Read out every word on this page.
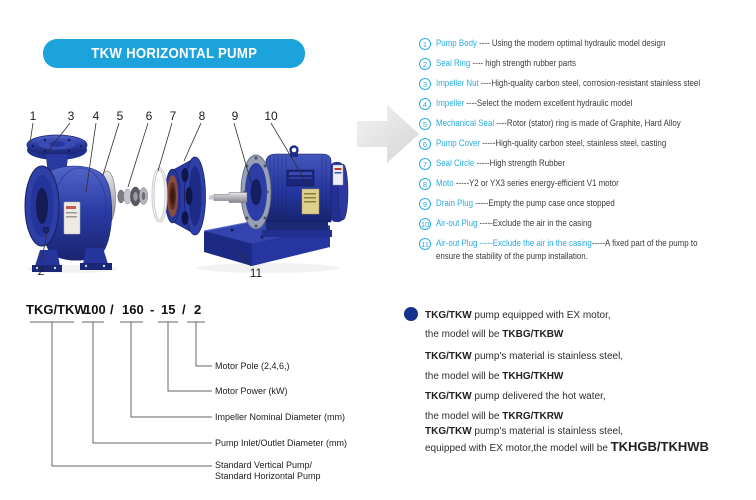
TKW HORIZONTAL PUMP
1	3 4 5 6 7 8 9 10
2	11
1 Pump Body ---- Using the modern optimal hydraulic model design
2 Seal Ring ---- high strength rubber parts
3 Impeller Nut ----High-quality carbon steel, corrosion-resistant stainless steel
4 Impeller ----Select the modern excellent hydraulic model
5 Mechanical Seal ----Rotor (stator) ring is made of Graphite, Hard Alloy
6 Pump Cover -----High-quality carbon steel, stainless steel, casting
7 Seal Circle -----High strength Rubber
8 Moto -----Y2 or YX3 series energy-efficient V1 motor
9 Drain Plug -----Empty the pump case once stopped
10 Air-out Plug -----Exclude the air in the casing
11 Air-out Plug -----Exclude the air in the casing-----A fixed part of the pump to
ensure the stability of the pump installation.
TKG/TKW
100 / 160 - 15 / 2
Motor Pole (2,4,6,)
Motor Power (kW)
Impeller Nominal Diameter (mm)
Pump Inlet/Outlet Diameter (mm)
Standard Vertical Pump/
Standard Horizontal Pump
TKG/TKW pump equipped with EX motor,
the model will be TKBG/TKBW
TKG/TKW pump's material is stainless steel,
the model will be TKHG/TKHW
TKG/TKW pump delivered the hot water,
the model will be TKRG/TKRW
TKG/TKW pump's material is stainless steel,
equipped with EX motor,the model will be TKHGB/TKHWB
